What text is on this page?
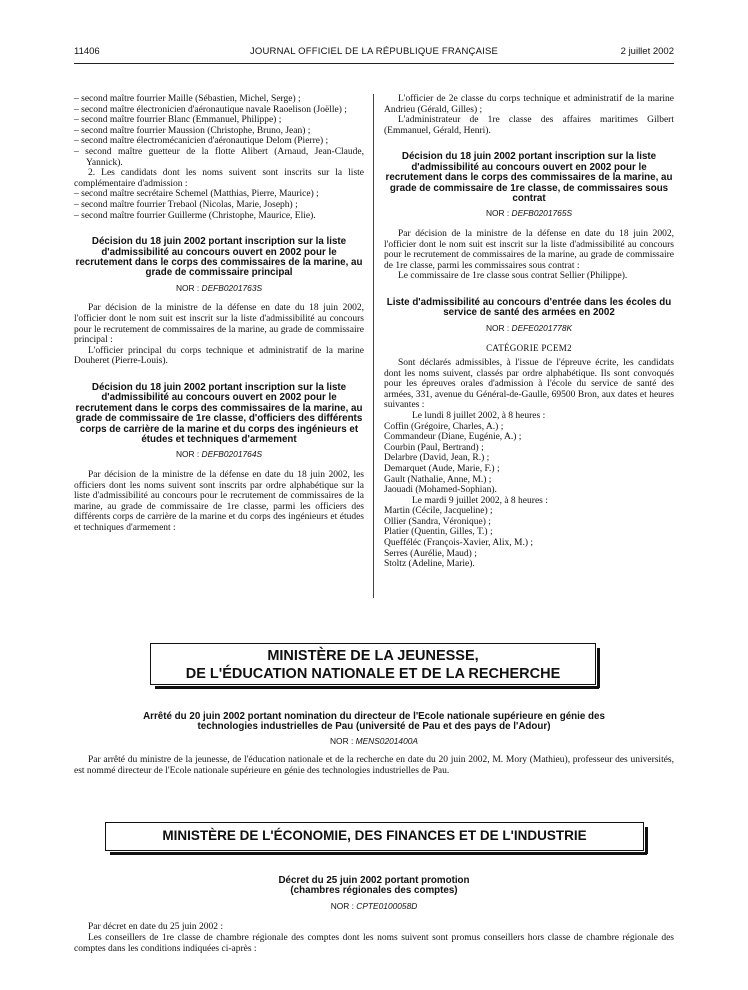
11406	JOURNAL OFFICIEL DE LA RÉPUBLIQUE FRANÇAISE	2 juillet 2002

– second maître fourrier Maille (Sébastien, Michel, Serge) ;

– second maître électronicien d'aéronautique navale Raoelison (Joëlle) ;

– second maître fourrier Blanc (Emmanuel, Philippe) ;

– second maître fourrier Maussion (Christophe, Bruno, Jean) ;

– second maître électromécanicien d'aéronautique Delom (Pierre) ;

– second maître guetteur de la flotte Alibert (Arnaud, Jean-Claude, Yannick).

2. Les candidats dont les noms suivent sont inscrits sur la liste complémentaire d'admission :

– second maître secrétaire Schemel (Matthias, Pierre, Maurice) ;

– second maître fourrier Trebaol (Nicolas, Marie, Joseph) ;

– second maître fourrier Guillerme (Christophe, Maurice, Elie).

Décision du 18 juin 2002 portant inscription sur la liste d'admissibilité au concours ouvert en 2002 pour le recrutement dans le corps des commissaires de la marine, au grade de commissaire principal

NOR : DEFB0201763S

Par décision de la ministre de la défense en date du 18 juin 2002, l'officier dont le nom suit est inscrit sur la liste d'admissibilité au concours pour le recrutement de commissaires de la marine, au grade de commissaire principal :

L'officier principal du corps technique et administratif de la marine Douheret (Pierre-Louis).

Décision du 18 juin 2002 portant inscription sur la liste d'admissibilité au concours ouvert en 2002 pour le recrutement dans le corps des commissaires de la marine, au grade de commissaire de 1re classe, d'officiers des différents corps de carrière de la marine et du corps des ingénieurs et études et techniques d'armement

NOR : DEFB0201764S

Par décision de la ministre de la défense en date du 18 juin 2002, les officiers dont les noms suivent sont inscrits par ordre alphabétique sur la liste d'admissibilité au concours pour le recrutement de commissaires de la marine, au grade de commissaire de 1re classe, parmi les officiers des différents corps de carrière de la marine et du corps des ingénieurs et études et techniques d'armement :

L'officier de 2e classe du corps technique et administratif de la marine Andrieu (Gérald, Gilles) ;

L'administrateur de 1re classe des affaires maritimes Gilbert (Emmanuel, Gérald, Henri).

Décision du 18 juin 2002 portant inscription sur la liste d'admissibilité au concours ouvert en 2002 pour le recrutement dans le corps des commissaires de la marine, au grade de commissaire de 1re classe, de commissaires sous contrat

NOR : DEFB0201765S

Par décision de la ministre de la défense en date du 18 juin 2002, l'officier dont le nom suit est inscrit sur la liste d'admissibilité au concours pour le recrutement de commissaires de la marine, au grade de commissaire de 1re classe, parmi les commissaires sous contrat :

Le commissaire de 1re classe sous contrat Sellier (Philippe).

Liste d'admissibilité au concours d'entrée dans les écoles du service de santé des armées en 2002

NOR : DEFE0201778K

CATÉGORIE PCEM2

Sont déclarés admissibles, à l'issue de l'épreuve écrite, les candidats dont les noms suivent, classés par ordre alphabétique. Ils sont convoqués pour les épreuves orales d'admission à l'école du service de santé des armées, 331, avenue du Général-de-Gaulle, 69500 Bron, aux dates et heures suivantes :

Le lundi 8 juillet 2002, à 8 heures :

Coffin (Grégoire, Charles, A.) ;

Commandeur (Diane, Eugénie, A.) ;

Courbin (Paul, Bertrand) ;

Delarbre (David, Jean, R.) ;

Demarquet (Aude, Marie, F.) ;

Gault (Nathalie, Anne, M.) ;

Jaouadi (Mohamed-Sophian).

Le mardi 9 juillet 2002, à 8 heures :

Martin (Cécile, Jacqueline) ;

Ollier (Sandra, Véronique) ;

Platier (Quentin, Gilles, T.) ;

Quefféléc (François-Xavier, Alix, M.) ;

Serres (Aurélie, Maud) ;

Stoltz (Adeline, Marie).

MINISTÈRE DE LA JEUNESSE,
DE L'ÉDUCATION NATIONALE ET DE LA RECHERCHE

Arrêté du 20 juin 2002 portant nomination du directeur de l'Ecole nationale supérieure en génie des technologies industrielles de Pau (université de Pau et des pays de l'Adour)

NOR : MENS0201400A

Par arrêté du ministre de la jeunesse, de l'éducation nationale et de la recherche en date du 20 juin 2002, M. Mory (Mathieu), professeur des universités, est nommé directeur de l'Ecole nationale supérieure en génie des technologies industrielles de Pau.

MINISTÈRE DE L'ÉCONOMIE, DES FINANCES ET DE L'INDUSTRIE

Décret du 25 juin 2002 portant promotion

(chambres régionales des comptes)

NOR : CPTE0100058D

Par décret en date du 25 juin 2002 :

Les conseillers de 1re classe de chambre régionale des comptes dont les noms suivent sont promus conseillers hors classe de chambre régionale des comptes dans les conditions indiquées ci-après :
